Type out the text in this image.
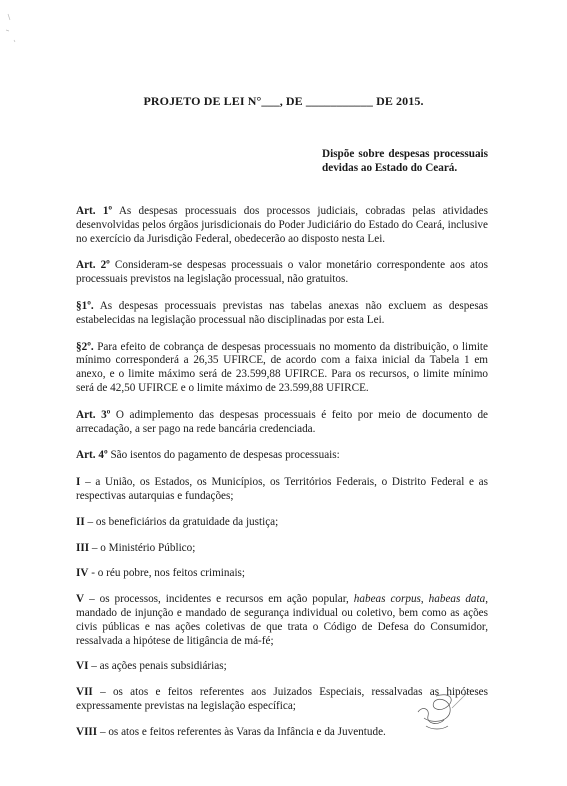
PROJETO DE LEI N°___, DE ___________ DE 2015.
Dispõe sobre despesas processuais devidas ao Estado do Ceará.

Art. 1º As despesas processuais dos processos judiciais, cobradas pelas atividades desenvolvidas pelos órgãos jurisdicionais do Poder Judiciário do Estado do Ceará, inclusive no exercício da Jurisdição Federal, obedecerão ao disposto nesta Lei.

Art. 2º Consideram-se despesas processuais o valor monetário correspondente aos atos processuais previstos na legislação processual, não gratuitos.

§1º. As despesas processuais previstas nas tabelas anexas não excluem as despesas estabelecidas na legislação processual não disciplinadas por esta Lei.

§2º. Para efeito de cobrança de despesas processuais no momento da distribuição, o limite mínimo corresponderá a 26,35 UFIRCE, de acordo com a faixa inicial da Tabela 1 em anexo, e o limite máximo será de 23.599,88 UFIRCE. Para os recursos, o limite mínimo será de 42,50 UFIRCE e o limite máximo de 23.599,88 UFIRCE.

Art. 3º O adimplemento das despesas processuais é feito por meio de documento de arrecadação, a ser pago na rede bancária credenciada.

Art. 4º São isentos do pagamento de despesas processuais:

I – a União, os Estados, os Municípios, os Territórios Federais, o Distrito Federal e as respectivas autarquias e fundações;

II – os beneficiários da gratuidade da justiça;

III – o Ministério Público;

IV - o réu pobre, nos feitos criminais;

V – os processos, incidentes e recursos em ação popular, habeas corpus, habeas data, mandado de injunção e mandado de segurança individual ou coletivo, bem como as ações civis públicas e nas ações coletivas de que trata o Código de Defesa do Consumidor, ressalvada a hipótese de litigância de má-fé;

VI – as ações penais subsidiárias;

VII – os atos e feitos referentes aos Juizados Especiais, ressalvadas as hipóteses expressamente previstas na legislação específica;

VIII – os atos e feitos referentes às Varas da Infância e da Juventude.
